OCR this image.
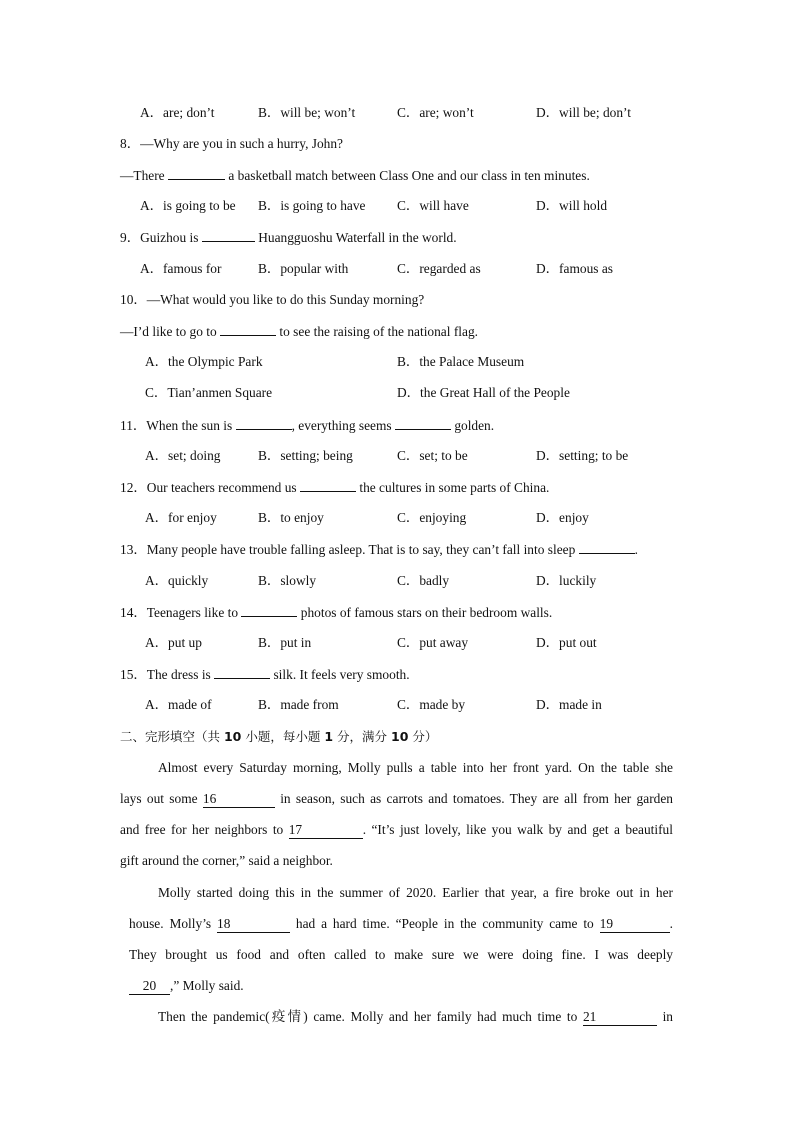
A．are; don’t	B．will be; won’t	C．are; won’t	D．will be; don’t
8．—Why are you in such a hurry, John?
—There	a basketball match between Class One and our class in ten minutes.
A．is going to be B．is going to have C．will have	D．will hold
9．Guizhou is	Huangguoshu Waterfall in the world.
A．famous for	B．popular with	C．regarded as	D．famous as
10．—What would you like to do this Sunday morning?
—I’d like to go to	to see the raising of the national flag.
A．the Olympic Park	B．the Palace Museum
C．Tian’anmen Square	D．the Great Hall of the People
11．When the sun is	, everything seems	golden.
A．set; doing	B．setting; being	C．set; to be	D．setting; to be
12．Our teachers recommend us	the cultures in some parts of China.
A．for enjoy	B．to enjoy	C．enjoying	D．enjoy
13．Many people have trouble falling asleep. That is to say, they can’t fall into sleep	.
A．quickly	B．slowly	C．badly	D．luckily
14．Teenagers like to	photos of famous stars on their bedroom walls.
A．put up	B．put in	C．put away	D．put out
15．The dress is	silk. It feels very smooth.
A．made of	B．made from	C．made by	D．made in
二、完形填空（共 10 小题，每小题 1 分，满分 10 分）
Almost every Saturday morning, Molly pulls a table into her front yard. On the table she
lays out some 16	in season, such as carrots and tomatoes. They are all from her garden
and free for her neighbors to 17	. “It’s just lovely, like you walk by and get a beautiful
gift around the corner,” said a neighbor.
Molly started doing this in the summer of 2020. Earlier that year, a fire broke out in her
house. Molly’s 18	had a hard time. “People in the community came to 19	.
They brought us food and often called to make sure we were doing fine. I was deeply
20 ,” Molly said.
Then the pandemic(疫情) came. Molly and her family had much time to 21	in
